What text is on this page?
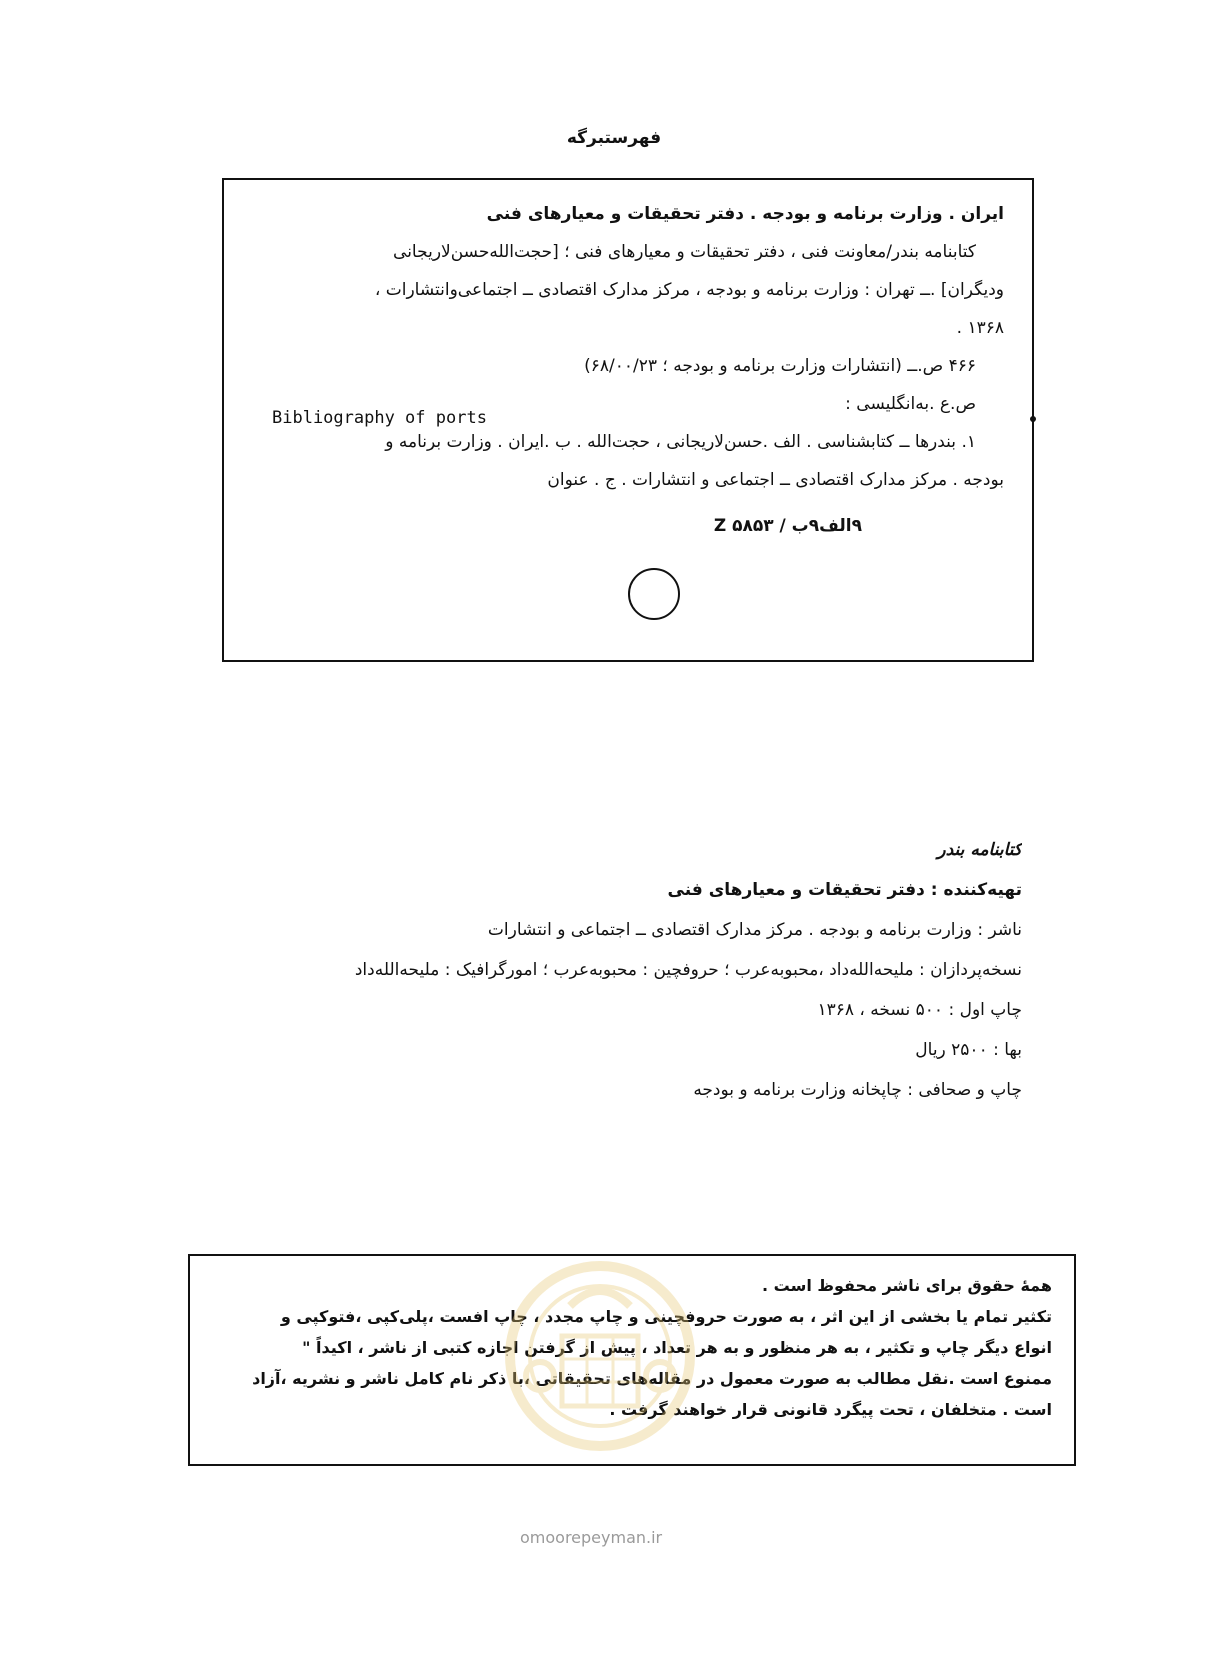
فهرستبرگه
ایران . وزارت برنامه و بودجه . دفتر تحقیقات و معیارهای فنی
کتابنامه بندر/معاونت فنی ، دفتر تحقیقات و معیارهای فنی ؛ [حجت‌الله‌حسن‌لاریجانی
ودیگران] .ــ تهران : وزارت برنامه و بودجه ، مرکز مدارک اقتصادی ــ اجتماعی‌وانتشارات ،
۱۳۶۸ .
۴۶۶ ص.ــ (انتشارات وزارت برنامه و بودجه ؛ ۶۸/۰۰/۲۳)
ص.ع .به‌انگلیسی :
Bibliography of ports
۱. بندرها ــ کتابشناسی . الف .حسن‌لاریجانی ، حجت‌الله . ب .ایران . وزارت برنامه و
بودجه . مرکز مدارک اقتصادی ــ اجتماعی و انتشارات . ج . عنوان
۹الف۹ب / Z ۵۸۵۳
کتابنامه بندر
تهیه‌کننده : دفتر تحقیقات و معیارهای فنی
ناشر : وزارت برنامه و بودجه . مرکز مدارک اقتصادی ــ اجتماعی و انتشارات
نسخه‌پردازان : ملیحه‌الله‌داد ،محبوبه‌عرب ؛ حروفچین : محبوبه‌عرب ؛ امورگرافیک : ملیحه‌الله‌داد
چاپ اول : ۵۰۰ نسخه ، ۱۳۶۸
بها : ۲۵۰۰ ریال
چاپ و صحافی : چاپخانه وزارت برنامه و بودجه
همهٔ حقوق برای ناشر محفوظ است .
تکثیر تمام یا بخشی از این اثر ، به صورت حروفچینی و چاپ مجدد ، چاپ افست ،پلی‌کپی ،فتوکپی و
انواع دیگر چاپ و تکثیر ، به هر منظور و به هر تعداد ، پیش از گرفتن اجازه کتبی از ناشر ، اکیداً "
ممنوع است .نقل مطالب به صورت معمول در مقاله‌های تحقیقاتی ،با ذکر نام کامل ناشر و نشریه ،آزاد
است . متخلفان ، تحت پیگرد قانونی قرار خواهند گرفت .
omoorepeyman.ir
